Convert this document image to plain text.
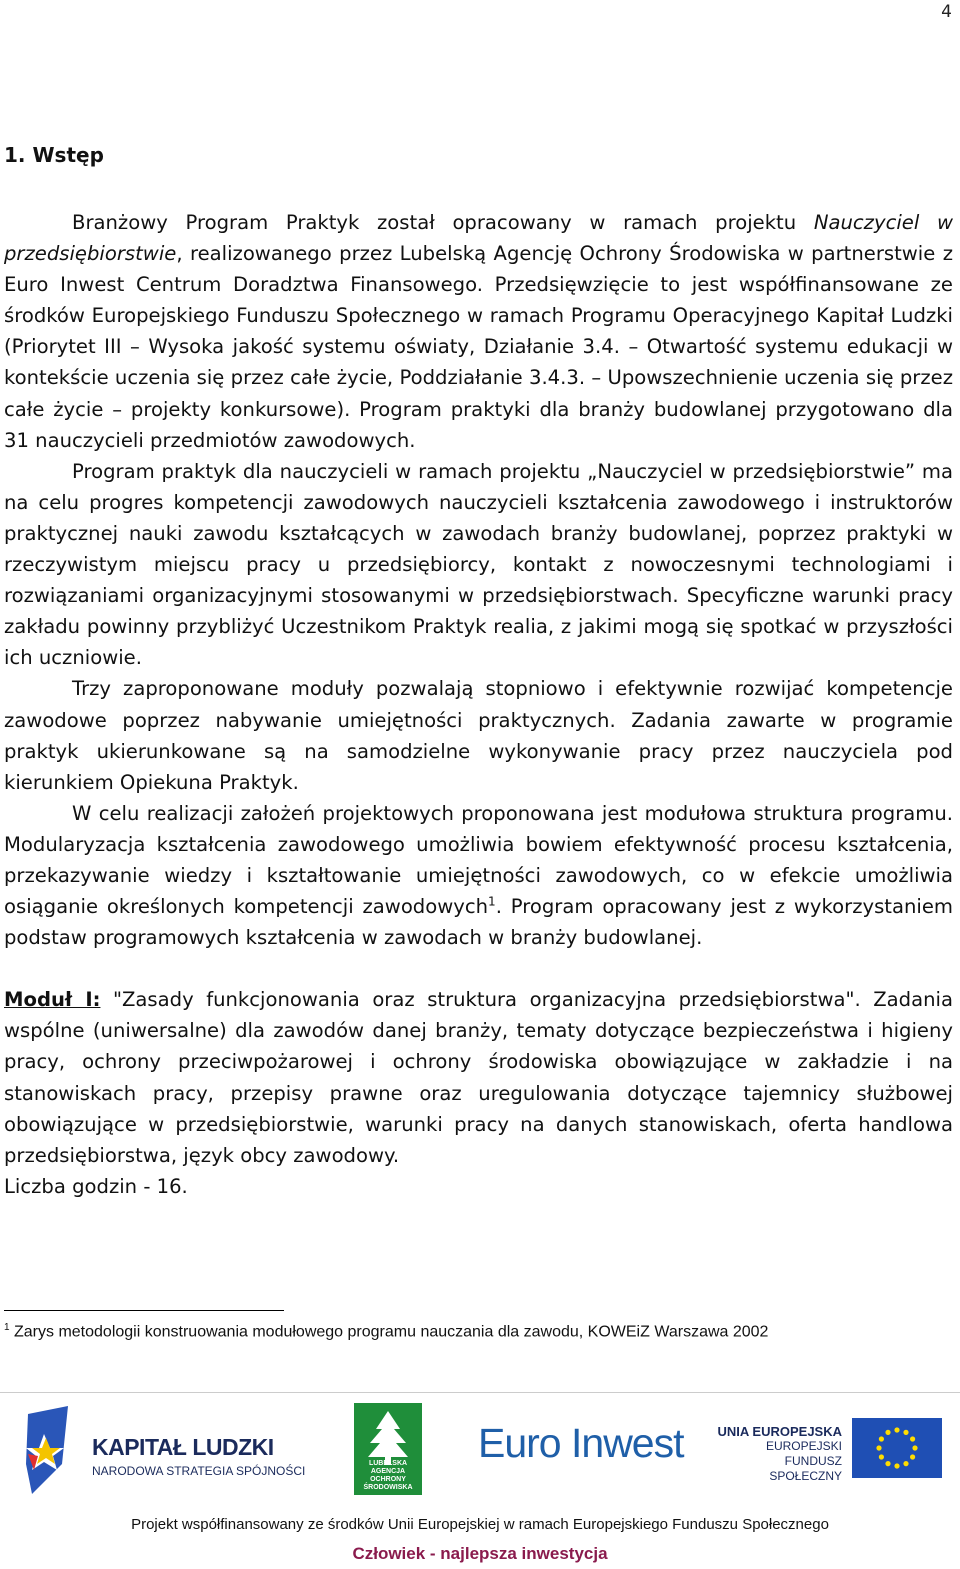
4
1. Wstęp

Branżowy Program Praktyk został opracowany w ramach projektu Nauczyciel w przedsiębiorstwie, realizowanego przez Lubelską Agencję Ochrony Środowiska w partnerstwie z Euro Inwest Centrum Doradztwa Finansowego. Przedsięwzięcie to jest współfinansowane ze środków Europejskiego Funduszu Społecznego w ramach Programu Operacyjnego Kapitał Ludzki (Priorytet III – Wysoka jakość systemu oświaty, Działanie 3.4. – Otwartość systemu edukacji w kontekście uczenia się przez całe życie, Poddziałanie 3.4.3. – Upowszechnienie uczenia się przez całe życie – projekty konkursowe). Program praktyki dla branży budowlanej przygotowano dla 31 nauczycieli przedmiotów zawodowych.

Program praktyk dla nauczycieli w ramach projektu „Nauczyciel w przedsiębiorstwie” ma na celu progres kompetencji zawodowych nauczycieli kształcenia zawodowego i instruktorów praktycznej nauki zawodu kształcących w zawodach branży budowlanej, poprzez praktyki w rzeczywistym miejscu pracy u przedsiębiorcy, kontakt z nowoczesnymi technologiami i rozwiązaniami organizacyjnymi stosowanymi w przedsiębiorstwach. Specyficzne warunki pracy zakładu powinny przybliżyć Uczestnikom Praktyk realia, z jakimi mogą się spotkać w przyszłości ich uczniowie.

Trzy zaproponowane moduły pozwalają stopniowo i efektywnie rozwijać kompetencje zawodowe poprzez nabywanie umiejętności praktycznych. Zadania zawarte w programie praktyk ukierunkowane są na samodzielne wykonywanie pracy przez nauczyciela pod kierunkiem Opiekuna Praktyk.

W celu realizacji założeń projektowych proponowana jest modułowa struktura programu. Modularyzacja kształcenia zawodowego umożliwia bowiem efektywność procesu kształcenia, przekazywanie wiedzy i kształtowanie umiejętności zawodowych, co w efekcie umożliwia osiąganie określonych kompetencji zawodowych$^1$. Program opracowany jest z wykorzystaniem podstaw programowych kształcenia w zawodach w branży budowlanej.

Moduł I: "Zasady funkcjonowania oraz struktura organizacyjna przedsiębiorstwa". Zadania wspólne (uniwersalne) dla zawodów danej branży, tematy dotyczące bezpieczeństwa i higieny pracy, ochrony przeciwpożarowej i ochrony środowiska obowiązujące w zakładzie i na stanowiskach pracy, przepisy prawne oraz uregulowania dotyczące tajemnicy służbowej obowiązujące w przedsiębiorstwie, warunki pracy na danych stanowiskach, oferta handlowa przedsiębiorstwa, język obcy zawodowy.

Liczba godzin - 16.

$^1$ Zarys metodologii konstruowania modułowego programu nauczania dla zawodu, KOWEiZ Warszawa 2002
KAPITAŁ LUDZKI
NARODOWA STRATEGIA SPÓJNOŚCI
LUBELSKA AGENCJA OCHRONY ŚRODOWISKA
Euro Inwest	UNIA EUROPEJSKA
EUROPEJSKI
FUNDUSZ SPOŁECZNY
Projekt współfinansowany ze środków Unii Europejskiej w ramach Europejskiego Funduszu Społecznego
Człowiek - najlepsza inwestycja
